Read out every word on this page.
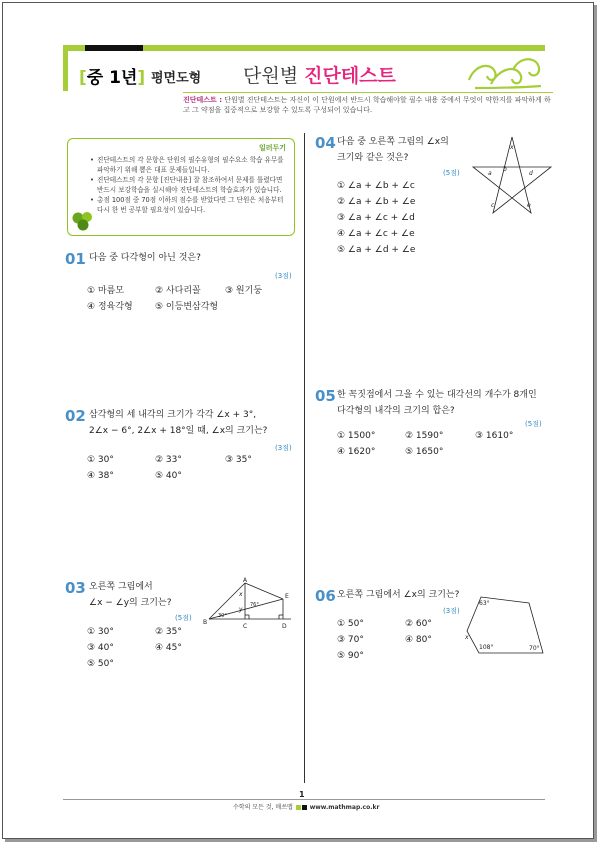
[중 1년] 평면도형 단원별 진단테스트
진단테스트 : 단원별 진단테스트는 자신이 이 단원에서 반드시 학습해야할 필수 내용 중에서 무엇이 약한지를 파악하게 하고 그 약점을 집중적으로 보강할 수 있도록 구성되어 있습니다.
일러두기
• 진단테스트의 각 문항은 단원의 필수유형의 필수요소 학습 유무를 파악하기 위해 뽑은 대표 문제들입니다.
• 진단테스트의 각 문항 [진단내용] 잘 참조하여서 문제를 틀렸다면 반드시 보강학습을 실시해야 진단테스트의 학습효과가 있습니다.
• 총점 100점 중 70점 이하의 점수를 받았다면 그 단원은 처음부터 다시 한 번 공부할 필요성이 있습니다.
01 다음 중 다각형이 아닌 것은?
(3점)
① 마름모	② 사다리꼴	③ 원기둥
④ 정육각형 ⑤ 이등변삼각형
02 삼각형의 세 내각의 크기가 각각 ∠x + 3°,
2∠x − 6°, 2∠x + 18°일 때, ∠x의 크기는?
(3점)
① 30°	② 33°	③ 35°
④ 38°	⑤ 40°
03 오른쪽 그림에서
∠x − ∠y의 크기는?
(5점)
① 30°	② 35°
③ 40°	④ 45°
⑤ 50°
A
B
C	D
E
x
y
76°
30°
04 다음 중 오른쪽 그림의 ∠x의
크기와 같은 것은?
(5점)
① ∠a + ∠b + ∠c
② ∠a + ∠b + ∠e
③ ∠a + ∠c + ∠d
④ ∠a + ∠c + ∠e
⑤ ∠a + ∠d + ∠e
x
a
b
d
c	e
05 한 꼭짓점에서 그을 수 있는 대각선의 개수가 8개인
다각형의 내각의 크기의 합은?
(5점)
① 1500°	② 1590°	③ 1610°
④ 1620°	⑤ 1650°
06 오른쪽 그림에서 ∠x의 크기는?
(3점)
① 50°	② 60°
③ 70°	④ 80°
⑤ 90°
63°
x
108°	70°
1
수학의 모든 것, 매쓰맵	www.mathmap.co.kr
